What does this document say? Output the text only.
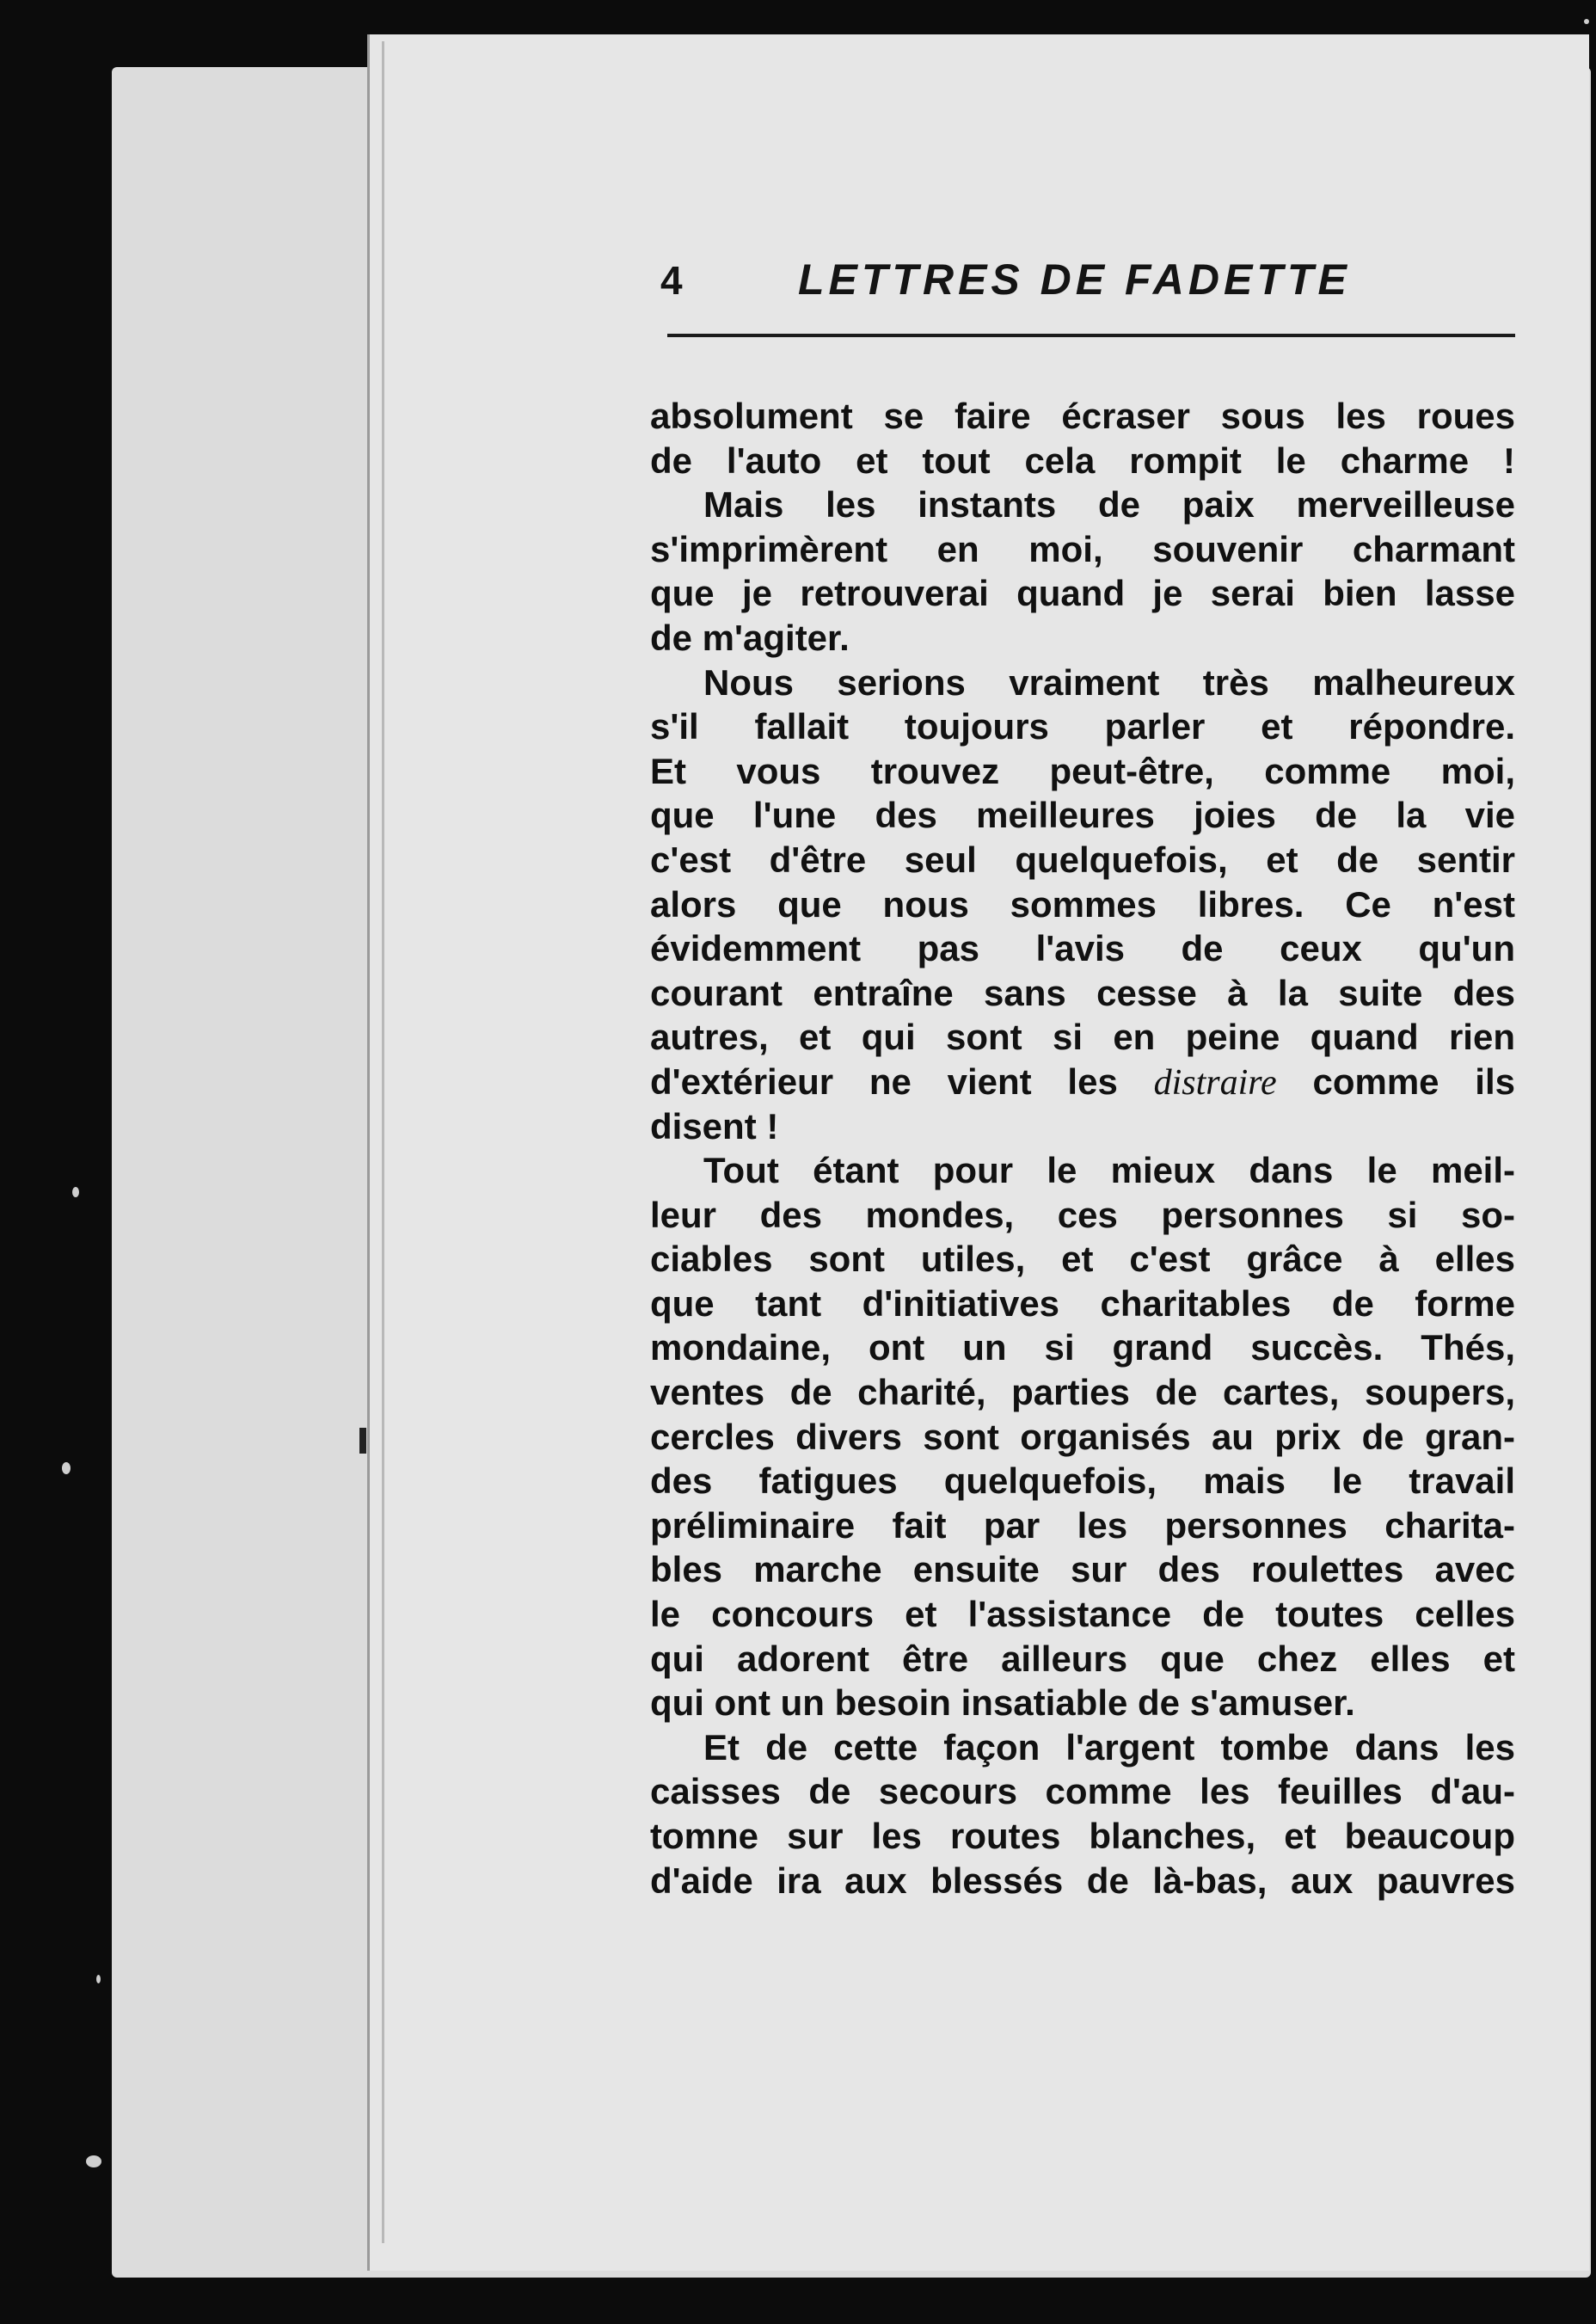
4	LETTRES DE FADETTE
absolument se faire écraser sous les roues
de l'auto et tout cela rompit le charme !
Mais les instants de paix merveilleuse
s'imprimèrent en moi, souvenir charmant
que je retrouverai quand je serai bien lasse
de m'agiter.
Nous serions vraiment très malheureux
s'il fallait toujours parler et répondre.
Et vous trouvez peut-être, comme moi,
que l'une des meilleures joies de la vie
c'est d'être seul quelquefois, et de sentir
alors que nous sommes libres. Ce n'est
évidemment pas l'avis de ceux qu'un
courant entraîne sans cesse à la suite des
autres, et qui sont si en peine quand rien
d'extérieur ne vient les distraire comme ils
disent !
Tout étant pour le mieux dans le meil-
leur des mondes, ces personnes si so-
ciables sont utiles, et c'est grâce à elles
que tant d'initiatives charitables de forme
mondaine, ont un si grand succès. Thés,
ventes de charité, parties de cartes, soupers,
cercles divers sont organisés au prix de gran-
des fatigues quelquefois, mais le travail
préliminaire fait par les personnes charita-
bles marche ensuite sur des roulettes avec
le concours et l'assistance de toutes celles
qui adorent être ailleurs que chez elles et
qui ont un besoin insatiable de s'amuser.
Et de cette façon l'argent tombe dans les
caisses de secours comme les feuilles d'au-
tomne sur les routes blanches, et beaucoup
d'aide ira aux blessés de là-bas, aux pauvres
